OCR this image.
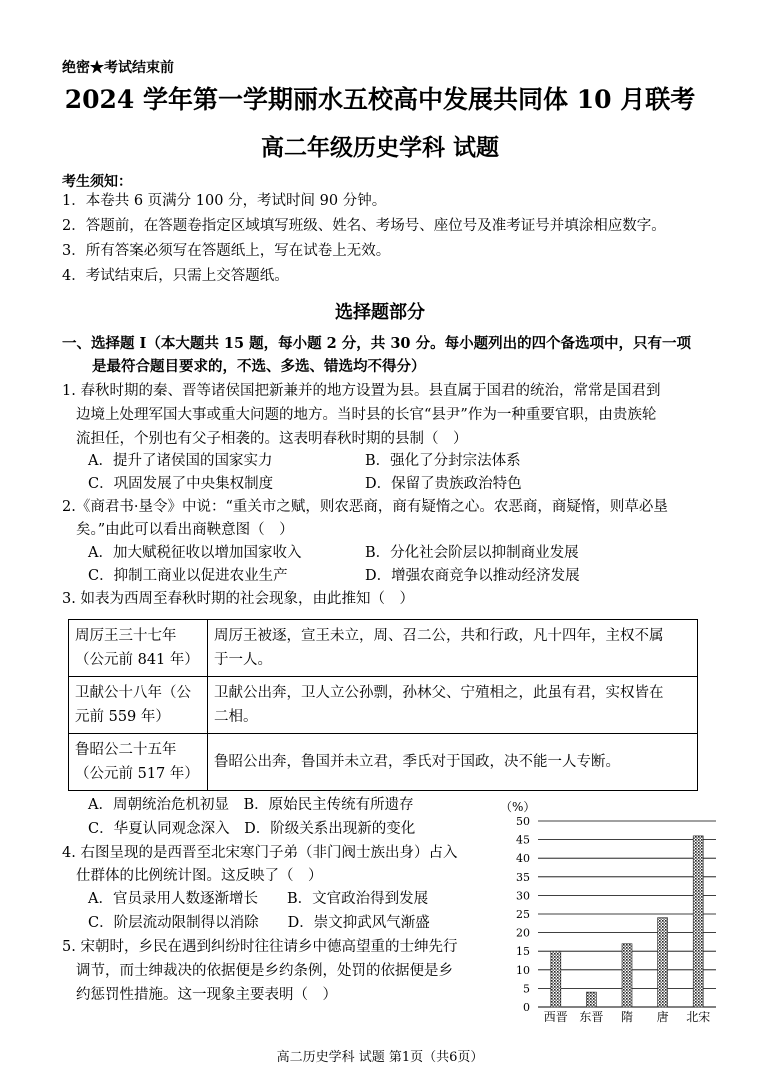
绝密★考试结束前
2024 学年第一学期丽水五校高中发展共同体 10 月联考
高二年级历史学科 试题
考生须知：
1．本卷共 6 页满分 100 分，考试时间 90 分钟。
2．答题前，在答题卷指定区域填写班级、姓名、考场号、座位号及准考证号并填涂相应数字。
3．所有答案必须写在答题纸上，写在试卷上无效。
4．考试结束后，只需上交答题纸。
选择题部分
一、选择题 I（本大题共 15 题，每小题 2 分，共 30 分。每小题列出的四个备选项中，只有一项
是最符合题目要求的，不选、多选、错选均不得分）
1. 春秋时期的秦、晋等诸侯国把新兼并的地方设置为县。县直属于国君的统治，常常是国君到
边境上处理军国大事或重大问题的地方。当时县的长官“县尹”作为一种重要官职，由贵族轮
流担任，个别也有父子相袭的。这表明春秋时期的县制（　）
A．提升了诸侯国的国家实力	B．强化了分封宗法体系
C．巩固发展了中央集权制度	D．保留了贵族政治特色
2.《商君书·垦令》中说：“重关市之赋，则农恶商，商有疑惰之心。农恶商，商疑惰，则草必垦
矣。”由此可以看出商鞅意图（　）
A．加大赋税征收以增加国家收入	B．分化社会阶层以抑制商业发展
C．抑制工商业以促进农业生产	D．增强农商竞争以推动经济发展
3. 如表为西周至春秋时期的社会现象，由此推知（　）
周厉王三十七年
（公元前 841 年）	周厉王被逐，宣王未立，周、召二公，共和行政，凡十四年，主权不属
于一人。
卫献公十八年（公
元前 559 年）	卫献公出奔，卫人立公孙剽，孙林父、宁殖相之，此虽有君，实权皆在
二相。
鲁昭公二十五年
（公元前 517 年）	鲁昭公出奔，鲁国并未立君，季氏对于国政，决不能一人专断。
A．周朝统治危机初显　B．原始民主传统有所遗存
C．华夏认同观念深入　D．阶级关系出现新的变化
4. 右图呈现的是西晋至北宋寒门子弟（非门阀士族出身）占入
仕群体的比例统计图。这反映了（　）
A．官员录用人数逐渐增长　　B．文官政治得到发展
C．阶层流动限制得以消除　　D．崇文抑武风气渐盛
5. 宋朝时，乡民在遇到纠纷时往往请乡中德高望重的士绅先行
调节，而士绅裁决的依据便是乡约条例，处罚的依据便是乡
约惩罚性措施。这一现象主要表明（　）
（%）
0
5
10
15
20
25
30
35
40
45
50
西晋 东晋 隋 唐 北宋
高二历史学科 试题 第1页（共6页）
